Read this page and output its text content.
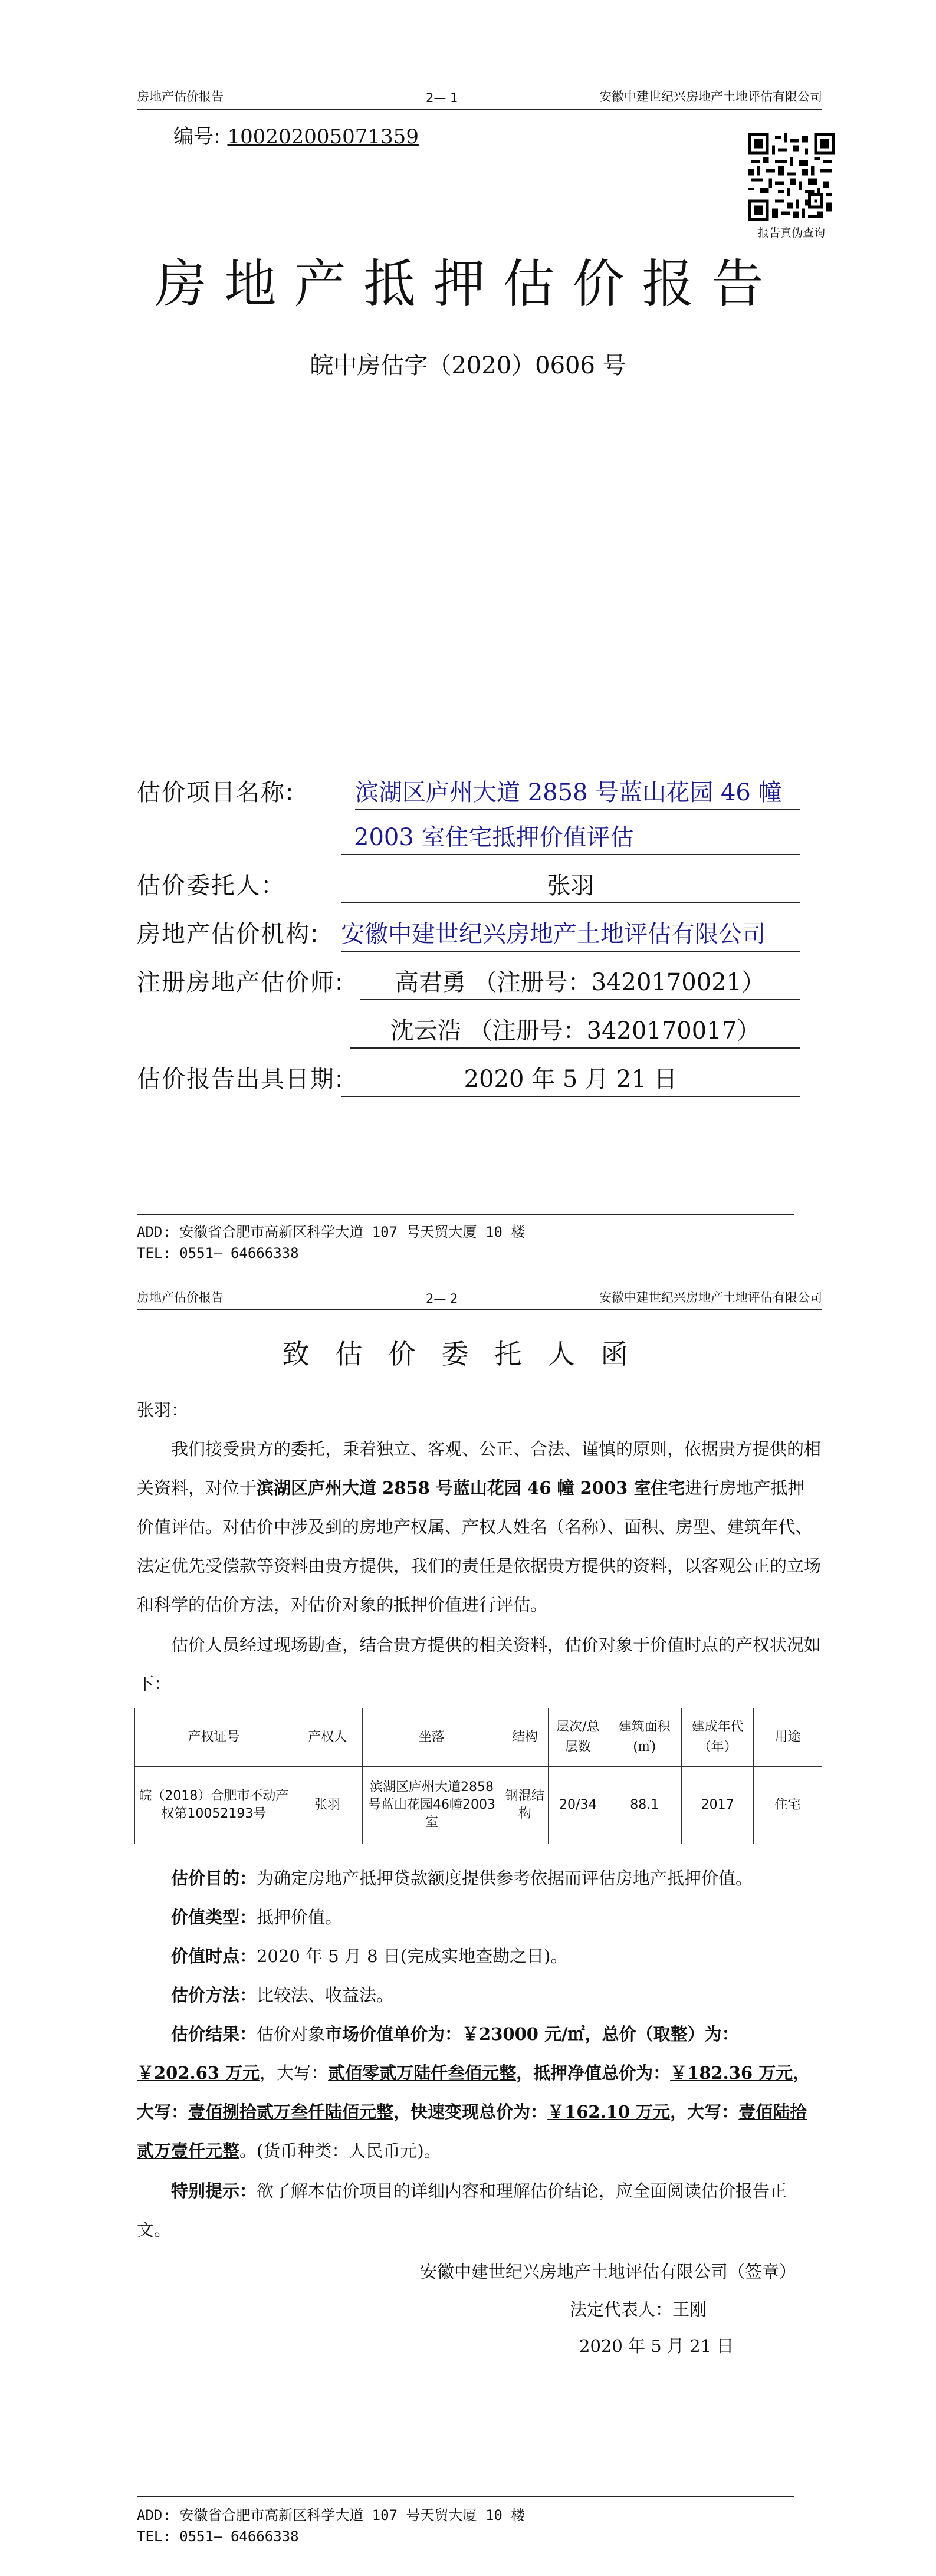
房地产估价报告	2— 1	安徽中建世纪兴房地产土地评估有限公司
编号: 100202005071359
报告真伪查询
房地产抵押估价报告
皖中房估字（2020）0606 号
估价项目名称:	滨湖区庐州大道 2858 号蓝山花园 46 幢
2003 室住宅抵押价值评估
估价委托人：	张羽
房地产估价机构: 安徽中建世纪兴房地产土地评估有限公司
注册房地产估价师:	高君勇 （注册号：3420170021）
沈云浩 （注册号：3420170017）
估价报告出具日期:	2020 年 5 月 21 日
ADD: 安徽省合肥市高新区科学大道 107 号天贸大厦 10 楼
TEL: 0551— 64666338
房地产估价报告	2— 2	安徽中建世纪兴房地产土地评估有限公司
致估价委托人函
张羽：
我们接受贵方的委托，秉着独立、客观、公正、合法、谨慎的原则，依据贵方提供的相关资料，对位于滨湖区庐州大道 2858 号蓝山花园 46 幢 2003 室住宅进行房地产抵押价值评估。对估价中涉及到的房地产权属、产权人姓名（名称）、面积、房型、建筑年代、法定优先受偿款等资料由贵方提供，我们的责任是依据贵方提供的资料，以客观公正的立场和科学的估价方法，对估价对象的抵押价值进行评估。
估价人员经过现场勘查，结合贵方提供的相关资料，估价对象于价值时点的产权状况如下：
产权证号	产权人	坐落	结构	层次/总层数	建筑面积(㎡)	建成年代（年）	用途
皖（2018）合肥市不动产权第10052193号	张羽	滨湖区庐州大道2858号蓝山花园46幢2003室	钢混结构	20/34	88.1	2017	住宅
估价目的：为确定房地产抵押贷款额度提供参考依据而评估房地产抵押价值。
价值类型：抵押价值。
价值时点：2020 年 5 月 8 日(完成实地查勘之日)。
估价方法：比较法、收益法。
估价结果：估价对象市场价值单价为：￥23000 元/㎡，总价（取整）为：￥202.63 万元，大写：贰佰零贰万陆仟叁佰元整，抵押净值总价为：￥182.36 万元，大写：壹佰捌拾贰万叁仟陆佰元整，快速变现总价为：￥162.10 万元，大写：壹佰陆拾贰万壹仟元整。(货币种类：人民币元)。
特别提示：欲了解本估价项目的详细内容和理解估价结论，应全面阅读估价报告正文。
安徽中建世纪兴房地产土地评估有限公司（签章）
法定代表人：王刚
2020 年 5 月 21 日
ADD: 安徽省合肥市高新区科学大道 107 号天贸大厦 10 楼
TEL: 0551— 64666338
